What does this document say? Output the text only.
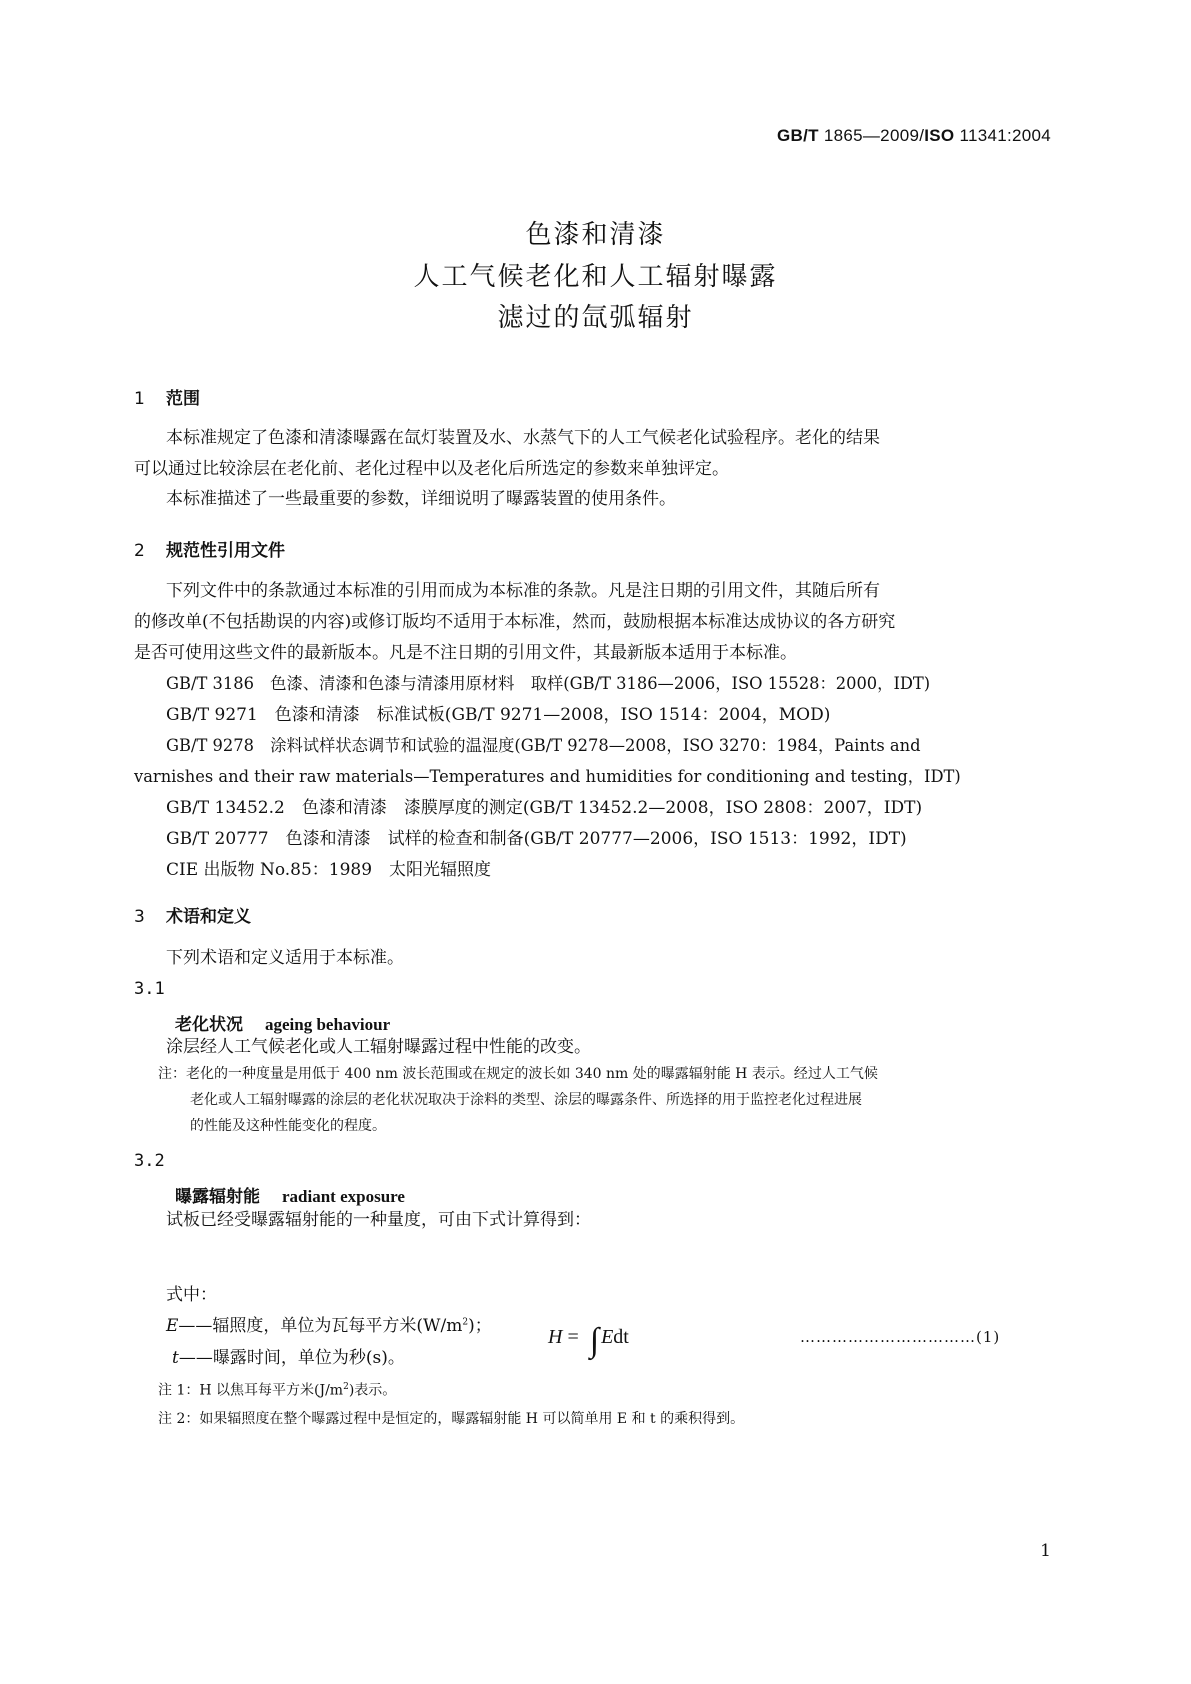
GB/T 1865—2009/ISO 11341:2004
色漆和清漆
人工气候老化和人工辐射曝露
滤过的氙弧辐射
1 范围
本标准规定了色漆和清漆曝露在氙灯装置及水、水蒸气下的人工气候老化试验程序。老化的结果
可以通过比较涂层在老化前、老化过程中以及老化后所选定的参数来单独评定。
本标准描述了一些最重要的参数，详细说明了曝露装置的使用条件。
2 规范性引用文件
下列文件中的条款通过本标准的引用而成为本标准的条款。凡是注日期的引用文件，其随后所有
的修改单(不包括勘误的内容)或修订版均不适用于本标准，然而，鼓励根据本标准达成协议的各方研究
是否可使用这些文件的最新版本。凡是不注日期的引用文件，其最新版本适用于本标准。
GB/T 3186　色漆、清漆和色漆与清漆用原材料　取样(GB/T 3186—2006，ISO 15528：2000，IDT)
GB/T 9271　色漆和清漆　标准试板(GB/T 9271—2008，ISO 1514：2004，MOD)
GB/T 9278　涂料试样状态调节和试验的温湿度(GB/T 9278—2008，ISO 3270：1984，Paints and
varnishes and their raw materials—Temperatures and humidities for conditioning and testing，IDT)
GB/T 13452.2　色漆和清漆　漆膜厚度的测定(GB/T 13452.2—2008，ISO 2808：2007，IDT)
GB/T 20777　色漆和清漆　试样的检查和制备(GB/T 20777—2006，ISO 1513：1992，IDT)
CIE 出版物 No.85：1989　太阳光辐照度
3 术语和定义
下列术语和定义适用于本标准。
3.1
老化状况 ageing behaviour
涂层经人工气候老化或人工辐射曝露过程中性能的改变。
注：老化的一种度量是用低于 400 nm 波长范围或在规定的波长如 340 nm 处的曝露辐射能 H 表示。经过人工气候
老化或人工辐射曝露的涂层的老化状况取决于涂料的类型、涂层的曝露条件、所选择的用于监控老化过程进展
的性能及这种性能变化的程度。
3.2
曝露辐射能 radiant exposure
试板已经受曝露辐射能的一种量度，可由下式计算得到：
H = ∫ Edt	……………………………(1)
式中：
E——辐照度，单位为瓦每平方米$(W/m^2)$；
t——曝露时间，单位为秒(s)。
注 1：H 以焦耳每平方米$(J/m^2)$表示。
注 2：如果辐照度在整个曝露过程中是恒定的，曝露辐射能 H 可以简单用 E 和 t 的乘积得到。
1
